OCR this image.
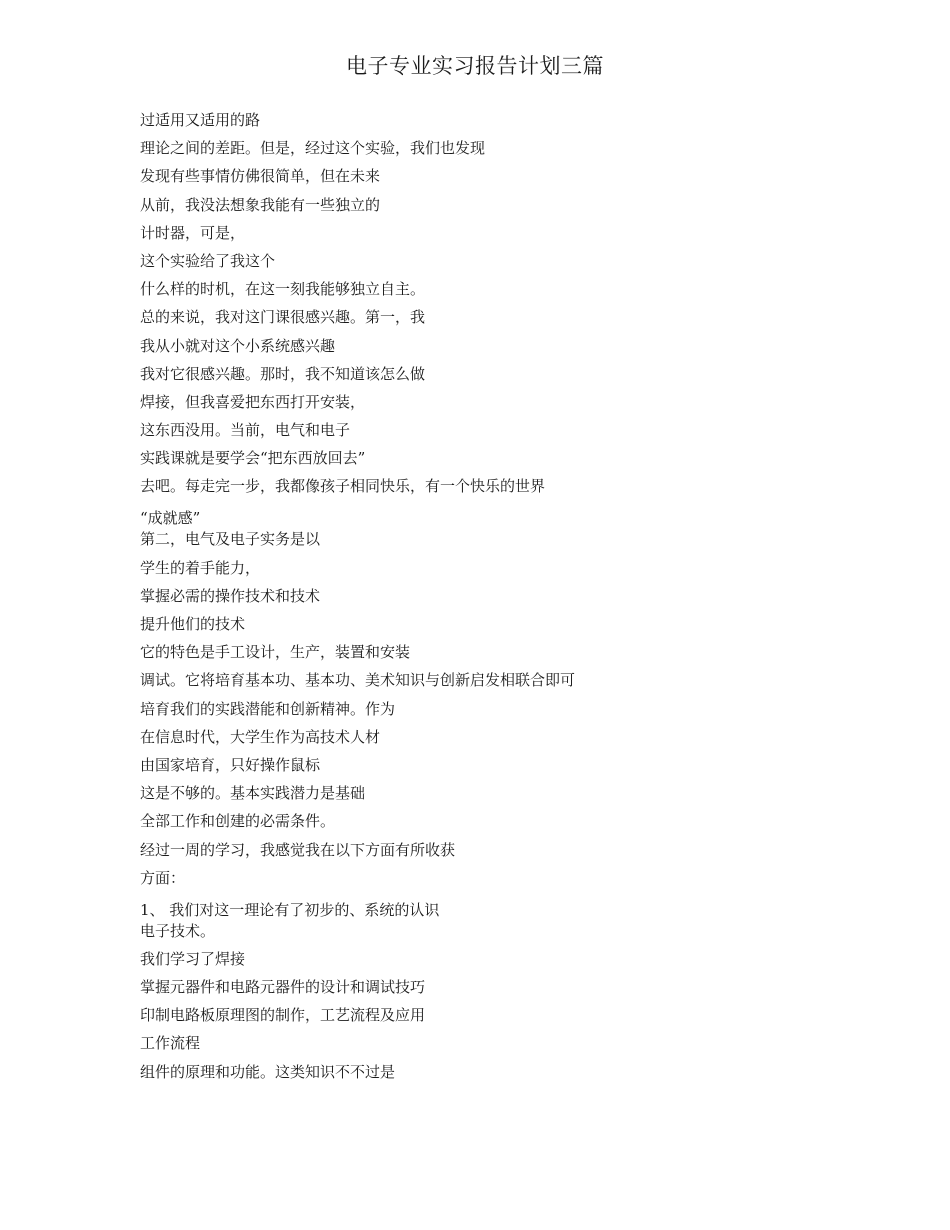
电子专业实习报告计划三篇
过适用又适用的路
理论之间的差距。但是，经过这个实验，我们也发现
发现有些事情仿佛很简单，但在未来
从前，我没法想象我能有一些独立的
计时器，可是，
这个实验给了我这个
什么样的时机，在这一刻我能够独立自主。
总的来说，我对这门课很感兴趣。第一，我
我从小就对这个小系统感兴趣
我对它很感兴趣。那时，我不知道该怎么做
焊接，但我喜爱把东西打开安装，
这东西没用。当前，电气和电子
实践课就是要学会“把东西放回去”
去吧。每走完一步，我都像孩子相同快乐，有一个快乐的世界
“成就感”
第二，电气及电子实务是以
学生的着手能力，
掌握必需的操作技术和技术
提升他们的技术
它的特色是手工设计，生产，装置和安装
调试。它将培育基本功、基本功、美术知识与创新启发相联合即可
培育我们的实践潜能和创新精神。作为
在信息时代，大学生作为高技术人材
由国家培育，只好操作鼠标
这是不够的。基本实践潜力是基础
全部工作和创建的必需条件。
经过一周的学习，我感觉我在以下方面有所收获
方面：
1、 我们对这一理论有了初步的、系统的认识
电子技术。
我们学习了焊接
掌握元器件和电路元器件的设计和调试技巧
印制电路板原理图的制作，工艺流程及应用
工作流程
组件的原理和功能。这类知识不不过是
